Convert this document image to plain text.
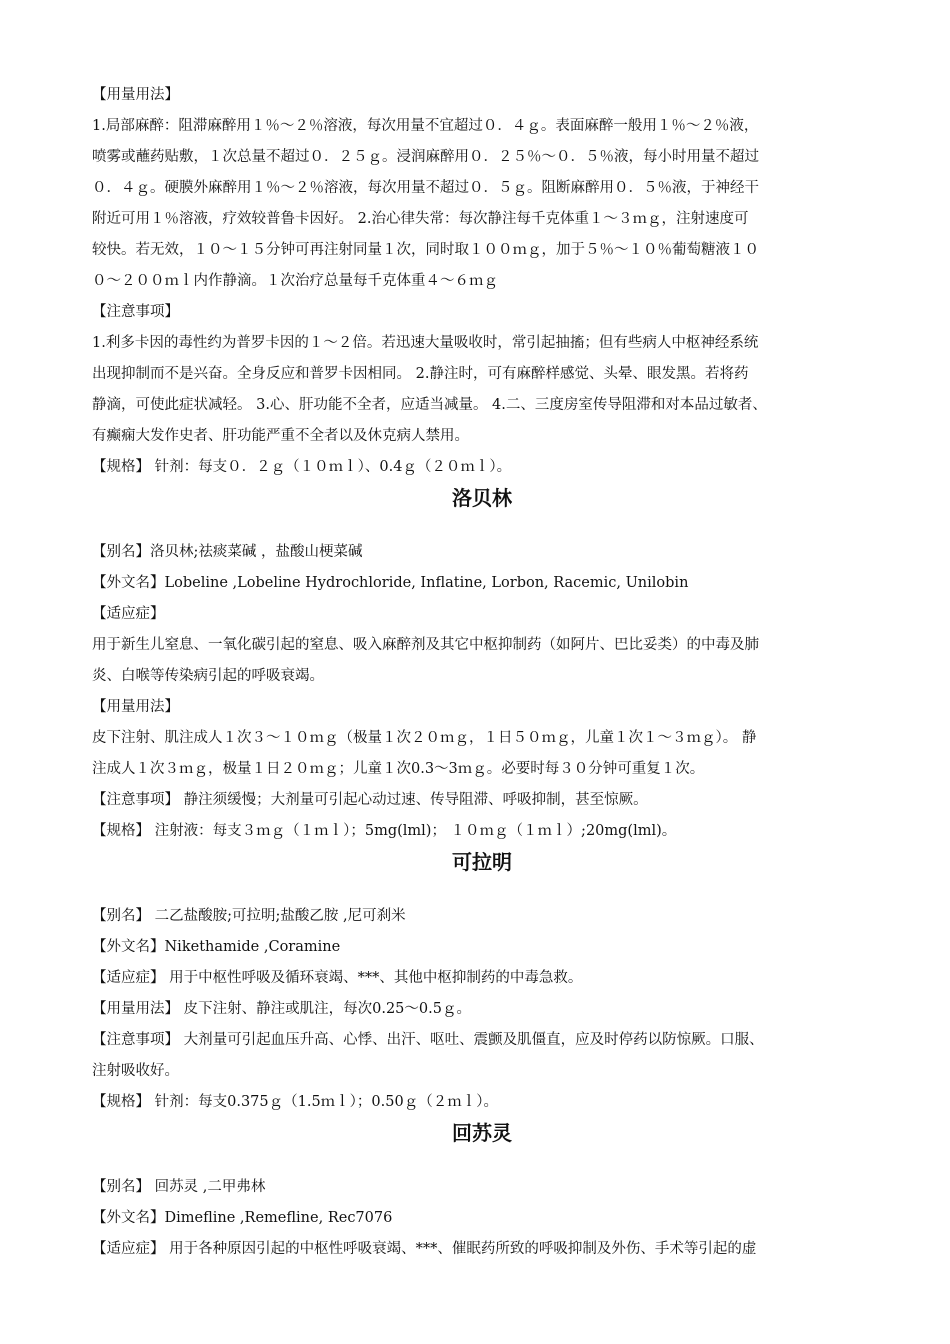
【用量用法】
1.局部麻醉：阻滞麻醉用１％～２％溶液，每次用量不宜超过０．４ｇ。表面麻醉一般用１％～２％液，
喷雾或蘸药贴敷，１次总量不超过０．２５ｇ。浸润麻醉用０．２５％～０．５％液，每小时用量不超过
０．４ｇ。硬膜外麻醉用１％～２％溶液，每次用量不超过０．５ｇ。阻断麻醉用０．５％液，于神经干
附近可用１％溶液，疗效较普鲁卡因好。 2.治心律失常：每次静注每千克体重１～３ｍｇ，注射速度可
较快。若无效，１０～１５分钟可再注射同量１次，同时取１００ｍｇ，加于５％～１０％葡萄糖液１０
０～２００ｍｌ内作静滴。１次治疗总量每千克体重４～６ｍｇ
【注意事项】
1.利多卡因的毒性约为普罗卡因的１～２倍。若迅速大量吸收时，常引起抽搐；但有些病人中枢神经系统
出现抑制而不是兴奋。全身反应和普罗卡因相同。 2.静注时，可有麻醉样感觉、头晕、眼发黑。若将药
静滴，可使此症状减轻。 3.心、肝功能不全者，应适当减量。 4.二、三度房室传导阻滞和对本品过敏者、
有癫痫大发作史者、肝功能严重不全者以及休克病人禁用。
【规格】 针剂：每支０．２ｇ（１０ｍｌ）、0.4ｇ（２０ｍｌ）。
洛贝林
【别名】洛贝林;祛痰菜碱 ，盐酸山梗菜碱
【外文名】Lobeline ,Lobeline Hydrochloride, Inflatine, Lorbon, Racemic, Unilobin
【适应症】
用于新生儿窒息、一氧化碳引起的窒息、吸入麻醉剂及其它中枢抑制药（如阿片、巴比妥类）的中毒及肺
炎、白喉等传染病引起的呼吸衰竭。
【用量用法】
皮下注射、肌注成人１次３～１０ｍｇ（极量１次２０ｍｇ，１日５０ｍｇ，儿童１次１～３ｍｇ）。 静
注成人１次３ｍｇ，极量１日２０ｍｇ；儿童１次0.3～3ｍｇ。必要时每３０分钟可重复１次。
【注意事项】 静注须缓慢；大剂量可引起心动过速、传导阻滞、呼吸抑制，甚至惊厥。
【规格】 注射液：每支３ｍｇ（１ｍｌ）；5mg(lml)； １０ｍｇ（１ｍｌ）;20mg(lml)。
可拉明
【别名】 二乙盐酸胺;可拉明;盐酸乙胺 ,尼可刹米
【外文名】Nikethamide ,Coramine
【适应症】 用于中枢性呼吸及循环衰竭、***、其他中枢抑制药的中毒急救。
【用量用法】 皮下注射、静注或肌注，每次0.25～0.5ｇ。
【注意事项】 大剂量可引起血压升高、心悸、出汗、呕吐、震颤及肌僵直，应及时停药以防惊厥。口服、
注射吸收好。
【规格】 针剂：每支0.375ｇ（1.5ｍｌ）；0.50ｇ（２ｍｌ）。
回苏灵
【别名】 回苏灵 ,二甲弗林
【外文名】Dimefline ,Remefline, Rec7076
【适应症】 用于各种原因引起的中枢性呼吸衰竭、***、催眠药所致的呼吸抑制及外伤、手术等引起的虚
